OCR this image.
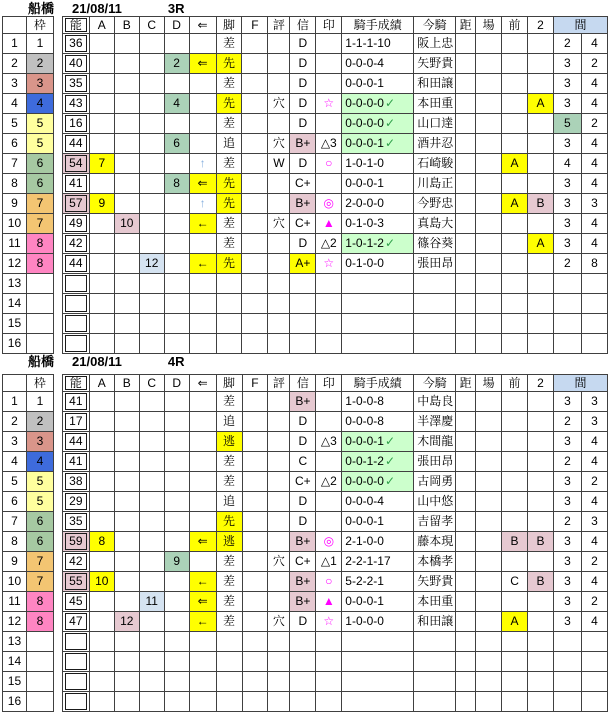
船橋 21/08/11	3R
	枠		能	A	B	C	D	⇐	脚	F	評	信	印	騎手成績	今騎	距	場	前	2	間	
1	1		36						差			D		1-1-1-10	阪上忠					2	4
2	2		40				2	⇐	先			D		0-0-0-4	矢野貴					3	2
3	3		35						差			D		0-0-0-1	和田譲					3	4
4	4		43				4		先		穴	D	☆	0-0-0-0✓	本田重				A	3	4
5	5		16						差			D		0-0-0-0✓	山口達					5	2
6	5		44				6		追		穴	B+	△3	0-0-0-1✓	酒井忍					3	4
7	6		54	7				↑	差		W	D	○	1-0-1-0	石崎駿			A		4	4
8	6		41				8	⇐	先			C+		0-0-0-1	川島正					3	4
9	7		57	9				↑	先			B+	◎	2-0-0-0	今野忠			A	B	3	3
10	7		49		10			←	差		穴	C+	▲	0-1-0-3	真島大					3	4
11	8		42						差			D	△2	1-0-1-2✓	篠谷葵				A	3	4
12	8		44			12		←	先			A+	☆	0-1-0-0	張田昂					2	8
13			

14			

15			

16			

船橋 21/08/11	4R
	枠		能	A	B	C	D	⇐	脚	F	評	信	印	騎手成績	今騎	距	場	前	2	間	
1	1		41						差			B+		1-0-0-8	中島良					3	3
2	2		17						追			D		0-0-0-8	半澤慶					2	3
3	3		44						逃			D	△3	0-0-0-1✓	木間龍					3	4
4	4		41						差			C		0-0-1-2✓	張田昂					2	4
5	5		38						差			C+	△2	0-0-0-0✓	古岡勇					3	2
6	5		29						追			D		0-0-0-4	山中悠					3	4
7	6		35						先			D		0-0-0-1	吉留孝					2	3
8	6		59	8				⇐	逃			B+	◎	2-1-0-0	藤本現			B	B	3	4
9	7		42				9		差		穴	C+	△1	2-2-1-17	本橋孝					3	2
10	7		55	10				←	差			B+	○	5-2-2-1	矢野貴			C	B	3	4
11	8		45			11		⇐	差			B+	▲	0-0-0-1	本田重					3	2
12	8		47		12			←	差		穴	D	☆	1-0-0-0	和田譲			A		3	4
13			

14			

15			

16			
